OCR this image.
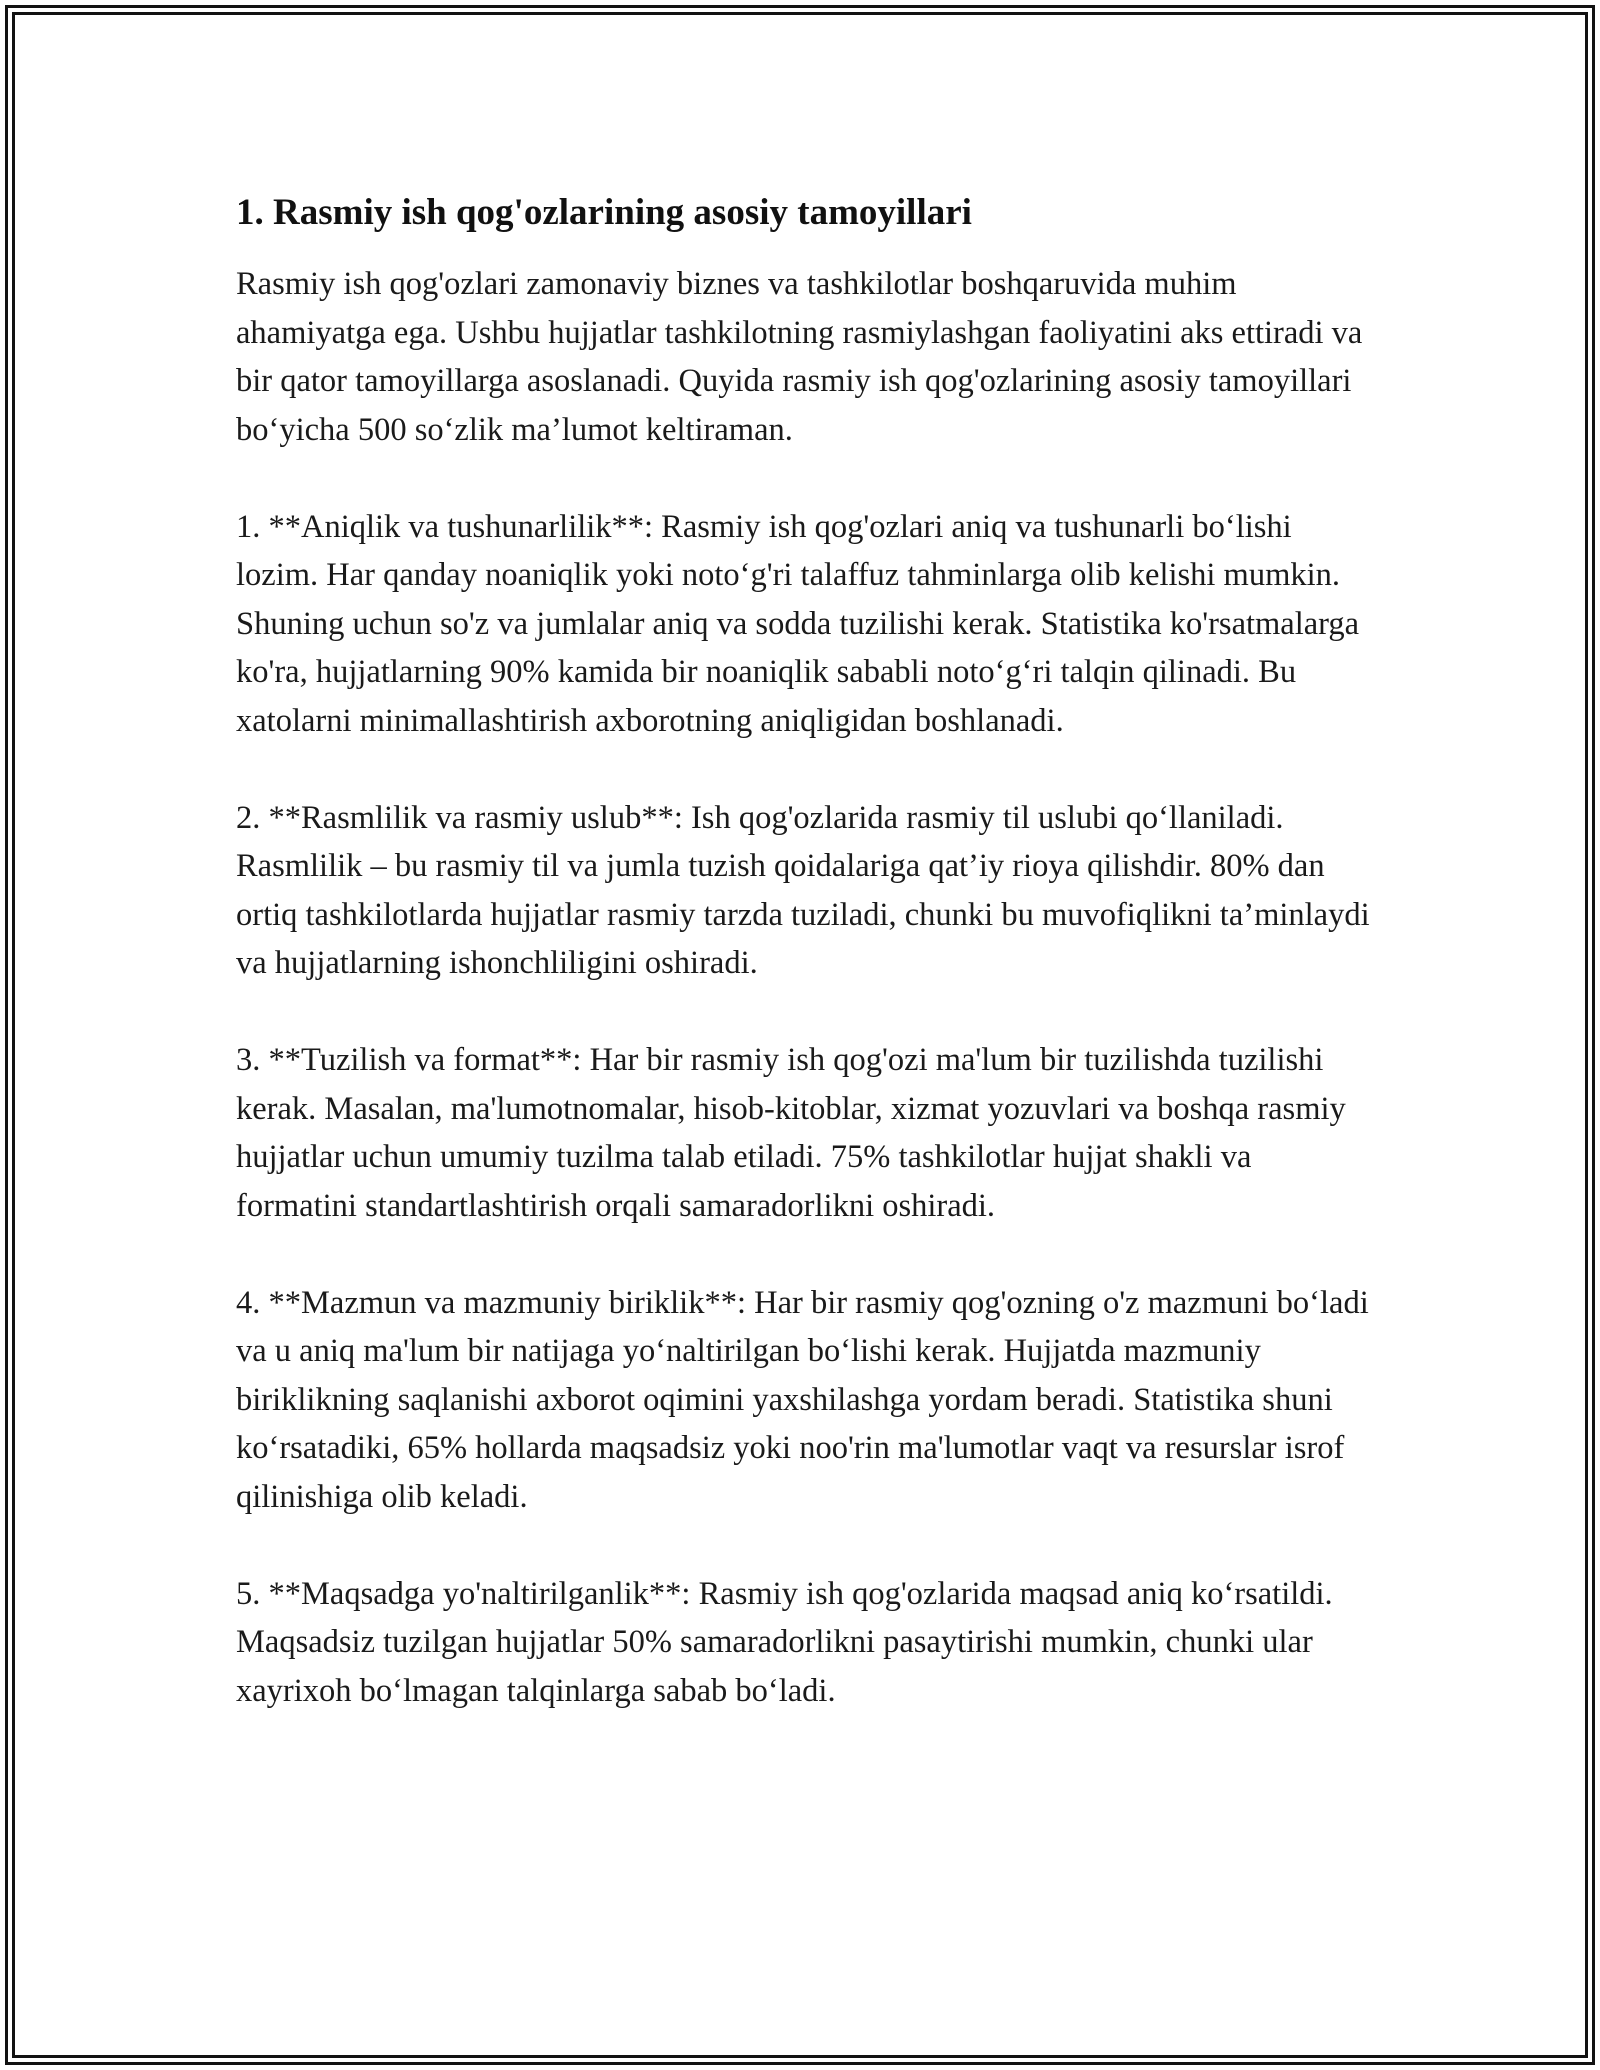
1. Rasmiy ish qog'ozlarining asosiy tamoyillari

Rasmiy ish qog'ozlari zamonaviy biznes va tashkilotlar boshqaruvida muhim ahamiyatga ega. Ushbu hujjatlar tashkilotning rasmiylashgan faoliyatini aks ettiradi va bir qator tamoyillarga asoslanadi. Quyida rasmiy ish qog'ozlarining asosiy tamoyillari bo‘yicha 500 so‘zlik ma’lumot keltiraman.

1. **Aniqlik va tushunarlilik**: Rasmiy ish qog'ozlari aniq va tushunarli bo‘lishi lozim. Har qanday noaniqlik yoki noto‘g'ri talaffuz tahminlarga olib kelishi mumkin. Shuning uchun so'z va jumlalar aniq va sodda tuzilishi kerak. Statistika ko'rsatmalarga ko'ra, hujjatlarning 90% kamida bir noaniqlik sababli noto‘g‘ri talqin qilinadi. Bu xatolarni minimallashtirish axborotning aniqligidan boshlanadi.

2. **Rasmlilik va rasmiy uslub**: Ish qog'ozlarida rasmiy til uslubi qo‘llaniladi. Rasmlilik – bu rasmiy til va jumla tuzish qoidalariga qat’iy rioya qilishdir. 80% dan ortiq tashkilotlarda hujjatlar rasmiy tarzda tuziladi, chunki bu muvofiqlikni ta’minlaydi va hujjatlarning ishonchliligini oshiradi.

3. **Tuzilish va format**: Har bir rasmiy ish qog'ozi ma'lum bir tuzilishda tuzilishi kerak. Masalan, ma'lumotnomalar, hisob-kitoblar, xizmat yozuvlari va boshqa rasmiy hujjatlar uchun umumiy tuzilma talab etiladi. 75% tashkilotlar hujjat shakli va formatini standartlashtirish orqali samaradorlikni oshiradi.

4. **Mazmun va mazmuniy biriklik**: Har bir rasmiy qog'ozning o'z mazmuni bo‘ladi va u aniq ma'lum bir natijaga yo‘naltirilgan bo‘lishi kerak. Hujjatda mazmuniy biriklikning saqlanishi axborot oqimini yaxshilashga yordam beradi. Statistika shuni ko‘rsatadiki, 65% hollarda maqsadsiz yoki noo'rin ma'lumotlar vaqt va resurslar isrof qilinishiga olib keladi.

5. **Maqsadga yo'naltirilganlik**: Rasmiy ish qog'ozlarida maqsad aniq ko‘rsatildi. Maqsadsiz tuzilgan hujjatlar 50% samaradorlikni pasaytirishi mumkin, chunki ular xayrixoh bo‘lmagan talqinlarga sabab bo‘ladi.
